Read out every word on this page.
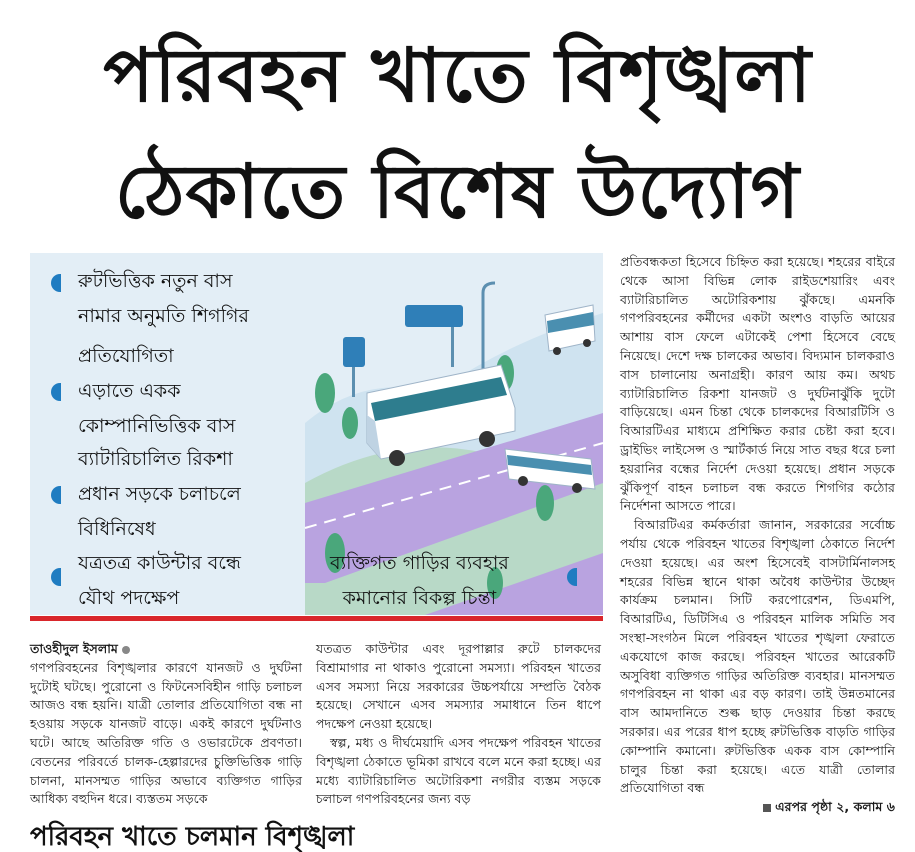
পরিবহন খাতে বিশৃঙ্খলা
ঠেকাতে বিশেষ উদ্যোগ
রুটভিত্তিক নতুন বাস
নামার অনুমতি শিগগির
প্রতিযোগিতা
এড়াতে একক
কোম্পানিভিত্তিক বাস
ব্যাটারিচালিত রিকশা
প্রধান সড়কে চলাচলে
বিধিনিষেধ
যত্রতত্র কাউন্টার বন্ধে
যৌথ পদক্ষেপ
ব্যক্তিগত গাড়ির ব্যবহার
কমানোর বিকল্প চিন্তা

তাওহীদুল ইসলাম

গণপরিবহনের বিশৃঙ্খলার কারণে যানজট ও দুর্ঘটনা দুটোই ঘটছে। পুরোনো ও ফিটনেসবিহীন গাড়ি চলাচল আজও বন্ধ হয়নি। যাত্রী তোলার প্রতিযোগিতা বন্ধ না হওয়ায় সড়কে যানজট বাড়ে। একই কারণে দুর্ঘটনাও ঘটে। আছে অতিরিক্ত গতি ও ওভারটেকে প্রবণতা। বেতনের পরিবর্তে চালক-হেল্পারদের চুক্তিভিত্তিক গাড়ি চালনা, মানসম্মত গাড়ির অভাবে ব্যক্তিগত গাড়ির আধিক্য বহুদিন ধরে। ব্যস্ততম সড়কে

যতত্রত কাউন্টার এবং দূরপাল্লার রুটে চালকদের বিশ্রামাগার না থাকাও পুরোনো সমস্যা। পরিবহন খাতের এসব সমস্যা নিয়ে সরকারের উচ্চপর্যায়ে সম্প্রতি বৈঠক হয়েছে। সেখানে এসব সমস্যার সমাধানে তিন ধাপে পদক্ষেপ নেওয়া হয়েছে।

স্বল্প, মধ্য ও দীর্ঘমেয়াদি এসব পদক্ষেপ পরিবহন খাতের বিশৃঙ্খলা ঠেকাতে ভূমিকা রাখবে বলে মনে করা হচ্ছে। এর মধ্যে ব্যাটারিচালিত অটোরিকশা নগরীর ব্যস্তম সড়কে চলাচল গণপরিবহনের জন্য বড়

প্রতিবন্ধকতা হিসেবে চিহ্নিত করা হয়েছে। শহরের বাইরে থেকে আসা বিভিন্ন লোক রাইডশেয়ারিং এবং ব্যাটারিচালিত অটোরিকশায় ঝুঁকছে। এমনকি গণপরিবহনের কর্মীদের একটা অংশও বাড়তি আয়ের আশায় বাস ফেলে এটাকেই পেশা হিসেবে বেছে নিয়েছে। দেশে দক্ষ চালকের অভাব। বিদ্যমান চালকরাও বাস চালানোয় অনাগ্রহী। কারণ আয় কম। অথচ ব্যাটারিচালিত রিকশা যানজট ও দুর্ঘটনাঝুঁকি দুটো বাড়িয়েছে। এমন চিন্তা থেকে চালকদের বিআরটিসি ও বিআরটিএর মাধ্যমে প্রশিক্ষিত করার চেষ্টা করা হবে। ড্রাইভিং লাইসেন্স ও স্মার্টকার্ড নিয়ে সাত বছর ধরে চলা হয়রানির বন্ধের নির্দেশ দেওয়া হয়েছে। প্রধান সড়কে ঝুঁকিপূর্ণ বাহন চলাচল বন্ধ করতে শিগগির কঠোর নির্দেশনা আসতে পারে।

বিআরটিএর কর্মকর্তারা জানান, সরকারের সর্বোচ্চ পর্যায় থেকে পরিবহন খাতের বিশৃঙ্খলা ঠেকাতে নির্দেশ দেওয়া হয়েছে। এর অংশ হিসেবেই বাসটার্মিনালসহ শহরের বিভিন্ন স্থানে থাকা অবৈধ কাউন্টার উচ্ছেদ কার্যক্রম চলমান। সিটি করপোরেশন, ডিএমপি, বিআরটিএ, ডিটিসিএ ও পরিবহন মালিক সমিতি সব সংস্থা-সংগঠন মিলে পরিবহন খাতের শৃঙ্খলা ফেরাতে একযোগে কাজ করছে। পরিবহন খাতের আরেকটি অসুবিধা ব্যক্তিগত গাড়ির অতিরিক্ত ব্যবহার। মানসম্মত গণপরিবহন না থাকা এর বড় কারণ। তাই উন্নতমানের বাস আমদানিতে শুল্ক ছাড় দেওয়ার চিন্তা করছে সরকার। এর পরের ধাপ হচ্ছে রুটভিত্তিক বাড়তি গাড়ির কোম্পানি কমানো। রুটভিত্তিক একক বাস কোম্পানি চালুর চিন্তা করা হয়েছে। এতে যাত্রী তোলার প্রতিযোগিতা বন্ধ

এরপর পৃষ্ঠা ২, কলাম ৬

পরিবহন খাতে চলমান বিশৃঙ্খলা
